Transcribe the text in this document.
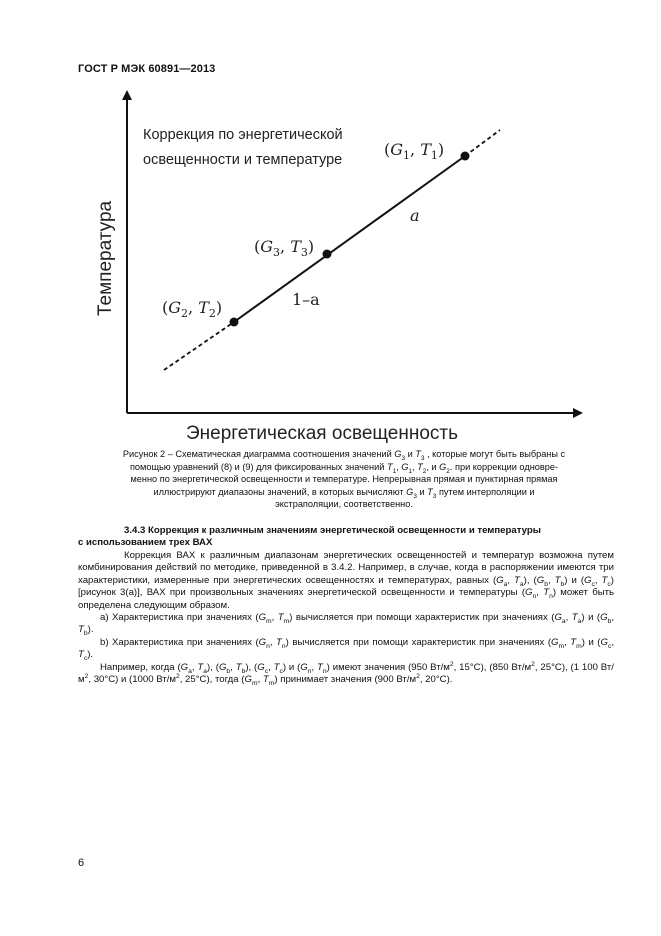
ГОСТ Р МЭК 60891—2013
Коррекция по энергетической
освещенности и температуре
Энергетическая освещенность
Температура	($G_2$, $T_2$)
($G_3$, $T_3$)
($G_1$, $T_1$)
1–a
a

Рисунок 2 – Схематическая диаграмма соотношения значений $G_3$ и $T_3$ , которые могут быть выбраны с

помощью уравнений (8) и (9) для фиксированных значений $T_1$, $G_1$, $T_2$, и $G_2$. при коррекции одновре-

менно по энергетической освещенности и температуре. Непрерывная прямая и пунктирная прямая

иллюстрируют диапазоны значений, в которых вычисляют $G_3$ и $T_3$ путем интерполяции и

экстраполяции, соответственно.

3.4.3 Коррекция к различным значениям энергетической освещенности и температуры
с использованием трех ВАХ

Коррекция ВАХ к различным диапазонам энергетических освещенностей и температур возможна путем комбинирования действий по методике, приведенной в 3.4.2. Например, в случае, когда в распоряжении имеются три характеристики, измеренные при энергетических освещенностях и температурах, равных ($G_a$, $T_a$), ($G_b$, $T_b$) и ($G_c$, $T_c$) [рисунок 3(a)], ВАХ при произвольных значениях энергетической освещенности и температуры ($G_n$, $T_n$) может быть определена следующим образом.

a) Характеристика при значениях ($G_m$, $T_m$) вычисляется при помощи характеристик при значениях ($G_a$, $T_a$) и ($G_b$, $T_b$).

b) Характеристика при значениях ($G_n$, $T_n$) вычисляется при помощи характеристик при значениях ($G_m$, $T_m$) и ($G_c$, $T_c$).

Например, когда ($G_a$, $T_a$), ($G_b$, $T_b$), ($G_c$, $T_c$) и ($G_n$, $T_n$) имеют значения (950 $Вт/м^2$, 15°C), (850 $Вт/м^2$, 25°C), (1 100 $Вт/м^2$, 30°C) и (1000 $Вт/м^2$, 25°C), тогда ($G_m$, $T_m$) принимает значения (900 $Вт/м^2$, 20°C).

6
